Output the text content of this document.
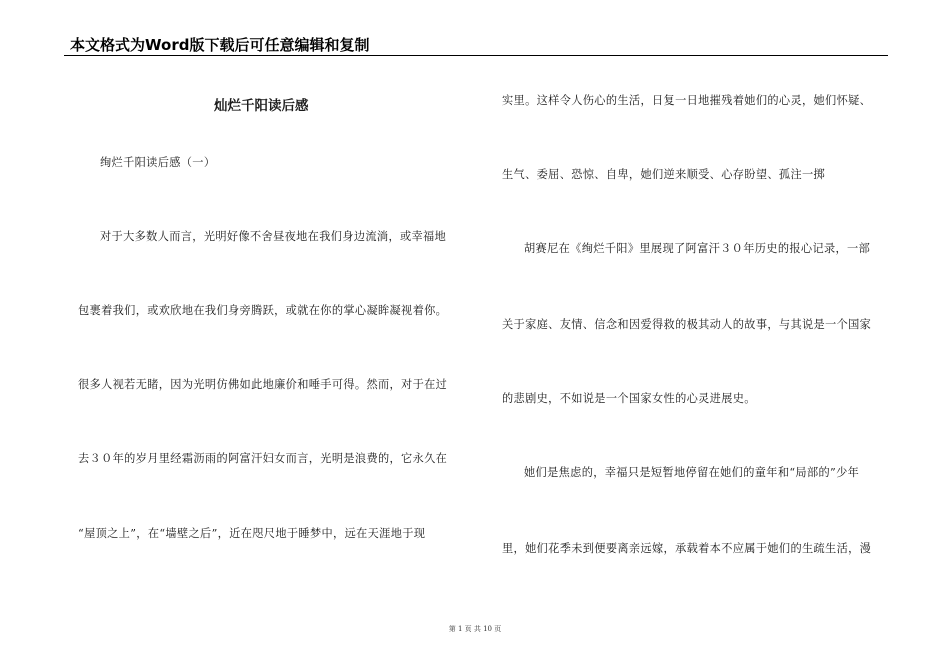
本文格式为Word版下载后可任意编辑和复制
灿烂千阳读后感
绚烂千阳读后感（一）
对于大多数人而言，光明好像不舍昼夜地在我们身边流淌，或幸福地
包裹着我们，或欢欣地在我们身旁腾跃，或就在你的掌心凝眸凝视着你。
很多人视若无睹，因为光明仿佛如此地廉价和唾手可得。然而，对于在过
去３０年的岁月里经霜沥雨的阿富汗妇女而言，光明是浪费的，它永久在
“屋顶之上”，在“墙壁之后”，近在咫尺地于睡梦中，远在天涯地于现
实里。这样令人伤心的生活，日复一日地摧残着她们的心灵，她们怀疑、
生气、委屈、恐惊、自卑，她们逆来顺受、心存盼望、孤注一掷
胡赛尼在《绚烂千阳》里展现了阿富汗３０年历史的报心记录，一部
关于家庭、友情、信念和因爱得救的极其动人的故事，与其说是一个国家
的悲剧史，不如说是一个国家女性的心灵进展史。
她们是焦虑的，幸福只是短暂地停留在她们的童年和“局部的”少年
里，她们花季未到便要离亲远嫁，承载着本不应属于她们的生疏生活，漫
第 1 页 共 10 页
